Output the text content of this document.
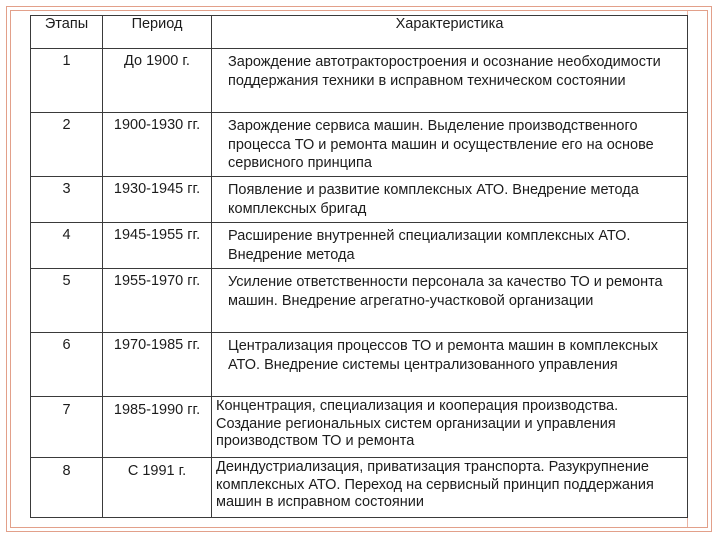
Этапы	Период	Характеристика
1	До 1900 г.	Зарождение автотракторостроения и осознание необходимости поддержания техники в исправном техническом состоянии
2	1900-1930 гг.	Зарождение сервиса машин. Выделение производственного процесса ТО и ремонта машин и осуществление его на основе сервисного принципа
3	1930-1945 гг.	Появление и развитие комплексных АТО. Внедрение метода комплексных бригад
4	1945-1955 гг.	Расширение внутренней специализации комплексных АТО. Внедрение метода
5	1955-1970 гг.	Усиление ответственности персонала за качество ТО и ремонта машин. Внедрение агрегатно-участковой организации
6	1970-1985 гг.	Централизация процессов ТО и ремонта машин в комплексных АТО. Внедрение системы централизованного управления
7	1985-1990 гг.	Концентрация, специализация и кооперация производства. Создание региональных систем организации и управления производством ТО и ремонта
8	С 1991 г.	Деиндустриализация, приватизация транспорта. Разукрупнение комплексных АТО. Переход на сервисный принцип поддержания машин в исправном состоянии
